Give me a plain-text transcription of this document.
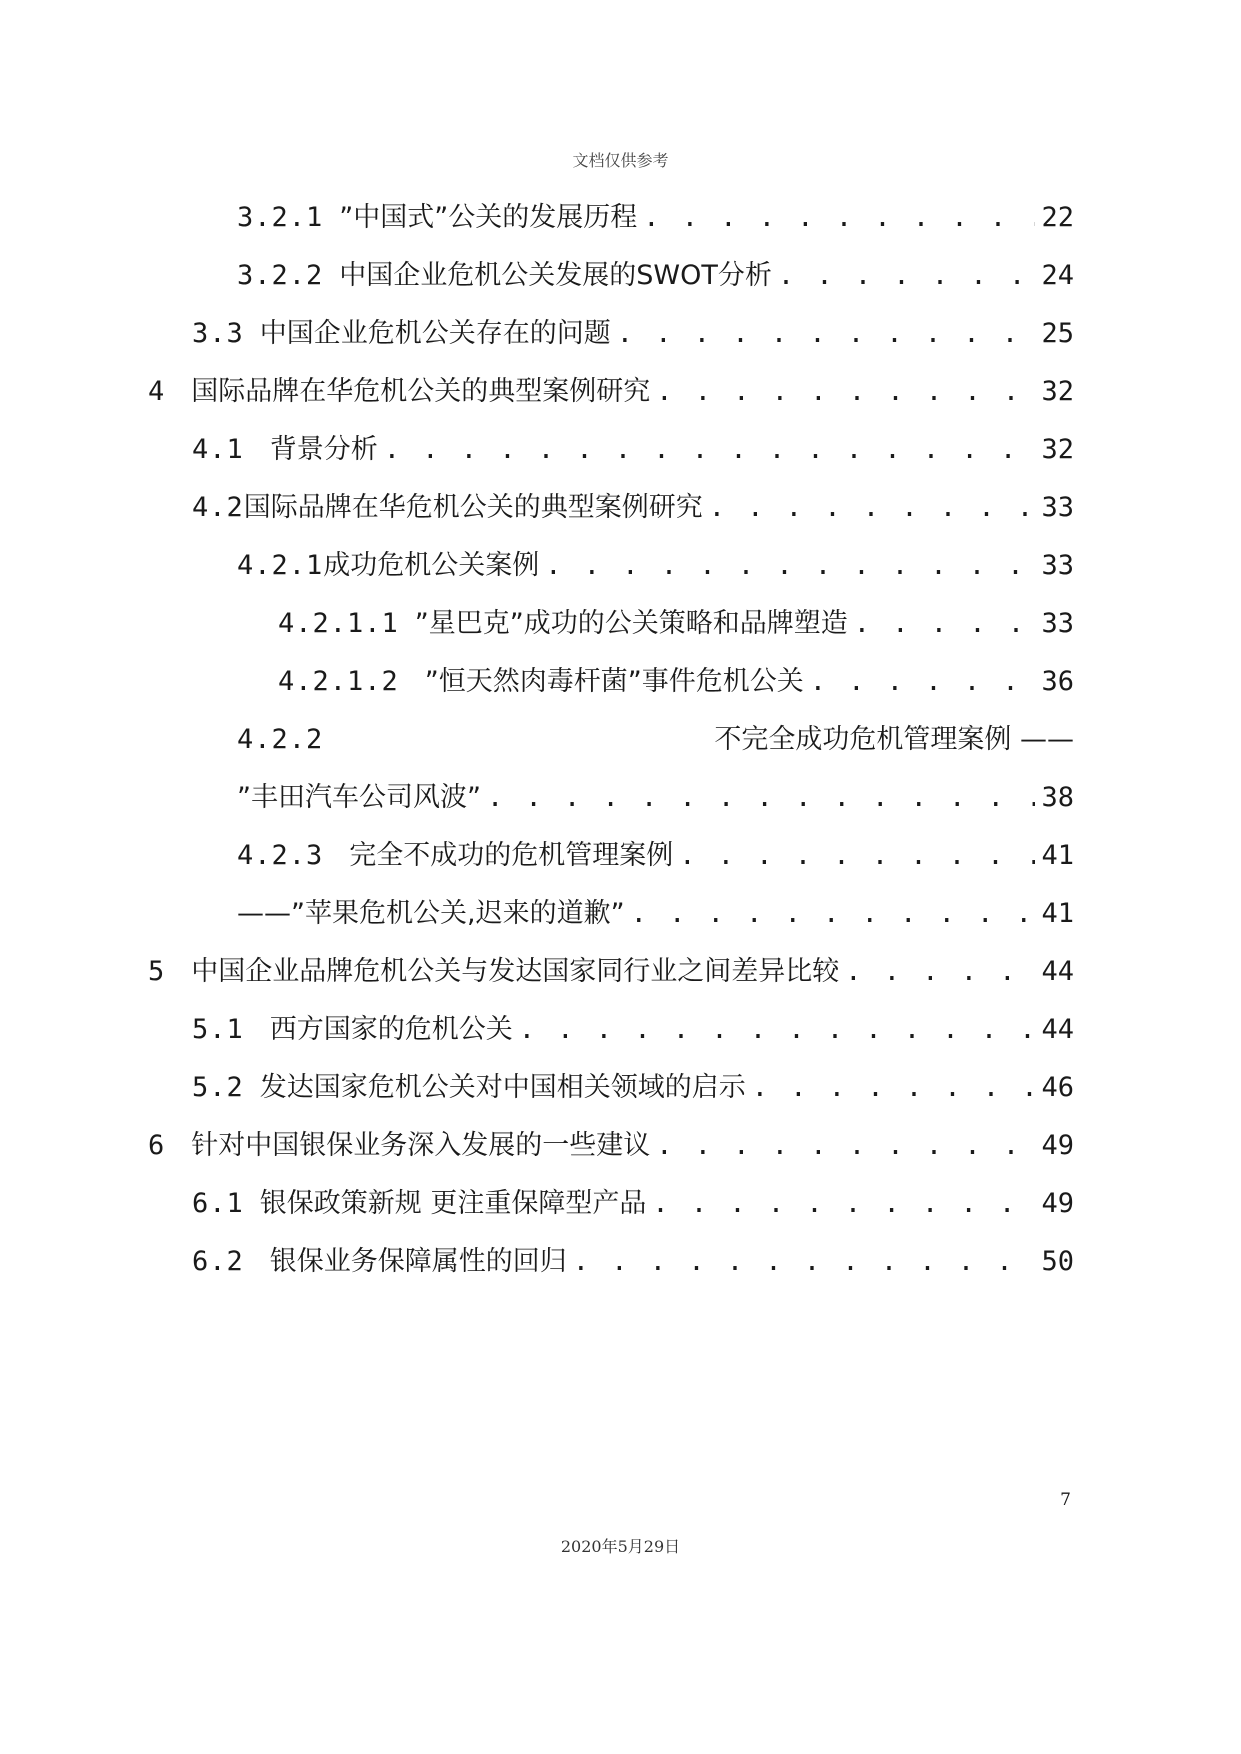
文档仅供参考
3.2.1 ”中国式”公关的发展历程 . . .	22
3.2.2 中国企业危机公关发展的SWOT分析 . . .	24
3.3 中国企业危机公关存在的问题 . . .	25
4 国际品牌在华危机公关的典型案例研究 . . .	32
4.1 背景分析 . . .	32
4.2 国际品牌在华危机公关的典型案例研究 . . .	33
4.2.1 成功危机公关案例 . . .	33
4.2.1.1 ”星巴克”成功的公关策略和品牌塑造 . . .	33
4.2.1.2 ”恒天然肉毒杆菌”事件危机公关 . . .	36
4.2.2	不完全成功危机管理案例 ——
”丰田汽车公司风波” . . .	38
4.2.3 完全不成功的危机管理案例 . . .	41
——”苹果危机公关,迟来的道歉” . . .	41
5 中国企业品牌危机公关与发达国家同行业之间差异比较 . . .	44
5.1 西方国家的危机公关 . . .	44
5.2 发达国家危机公关对中国相关领域的启示 . . .	46
6 针对中国银保业务深入发展的一些建议 . . .	49
6.1 银保政策新规 更注重保障型产品 . . .	49
6.2 银保业务保障属性的回归 . . .	50
7
2020年5月29日
